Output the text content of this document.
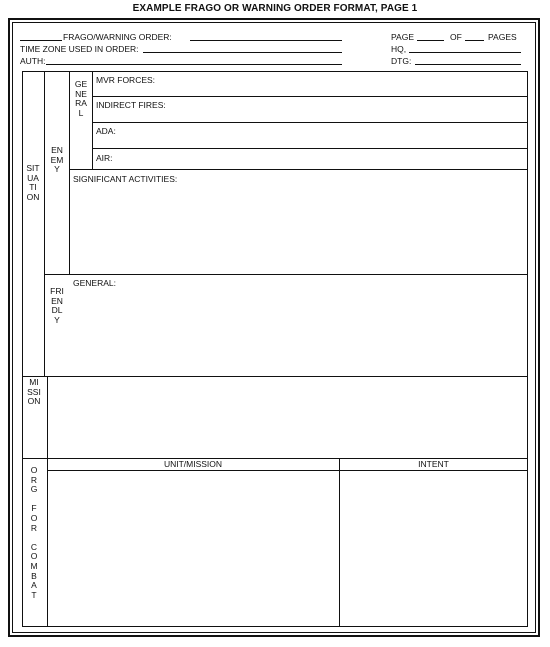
EXAMPLE FRAGO OR WARNING ORDER FORMAT, PAGE 1
FRAGO/WARNING ORDER:
TIME ZONE USED IN ORDER:
AUTH:
PAGE	OF	PAGES
HQ,
DTG:
SITUATION
ENEMY
GENERAL
FRIENDLY
MISSION
O
R
G
F
O
R
C
O
M
B
A
T
MVR FORCES:
INDIRECT FIRES:
ADA:
AIR:
SIGNIFICANT ACTIVITIES:
GENERAL:
UNIT/MISSION	INTENT
